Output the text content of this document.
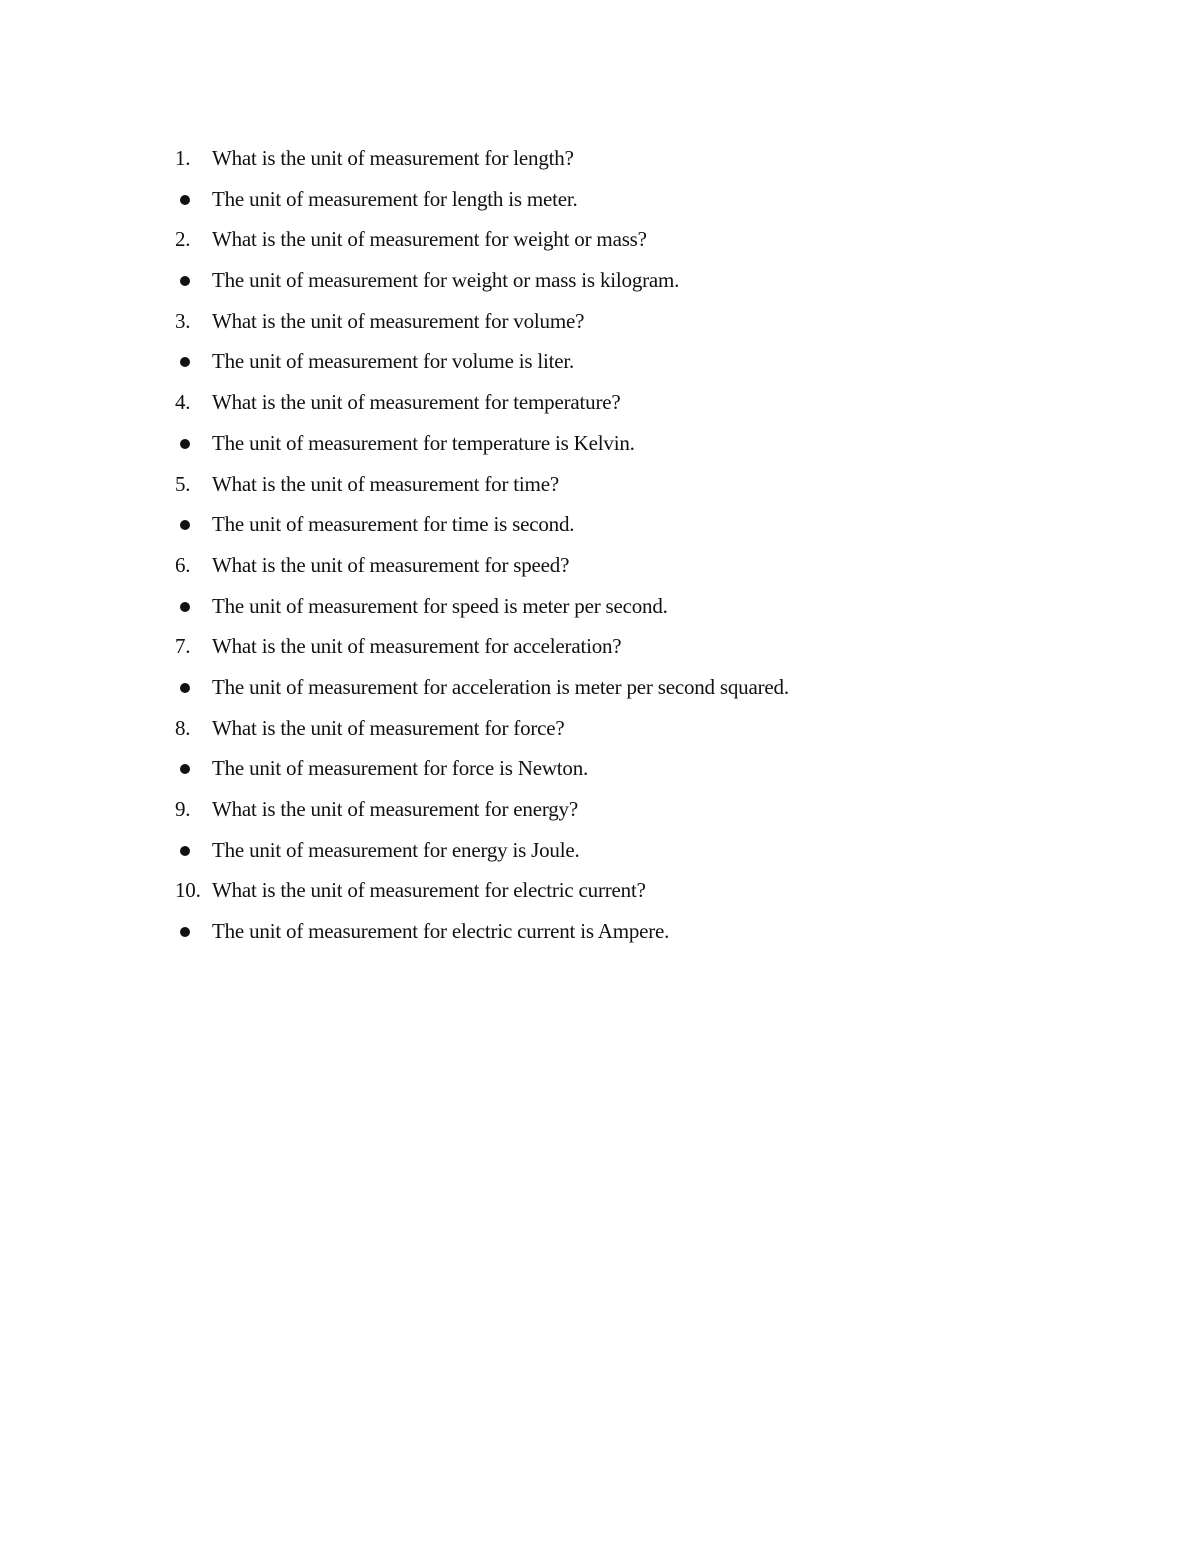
1.	What is the unit of measurement for length?
The unit of measurement for length is meter.
2.	What is the unit of measurement for weight or mass?
The unit of measurement for weight or mass is kilogram.
3.	What is the unit of measurement for volume?
The unit of measurement for volume is liter.
4.	What is the unit of measurement for temperature?
The unit of measurement for temperature is Kelvin.
5.	What is the unit of measurement for time?
The unit of measurement for time is second.
6.	What is the unit of measurement for speed?
The unit of measurement for speed is meter per second.
7.	What is the unit of measurement for acceleration?
The unit of measurement for acceleration is meter per second squared.
8.	What is the unit of measurement for force?
The unit of measurement for force is Newton.
9.	What is the unit of measurement for energy?
The unit of measurement for energy is Joule.
10. What is the unit of measurement for electric current?
The unit of measurement for electric current is Ampere.
